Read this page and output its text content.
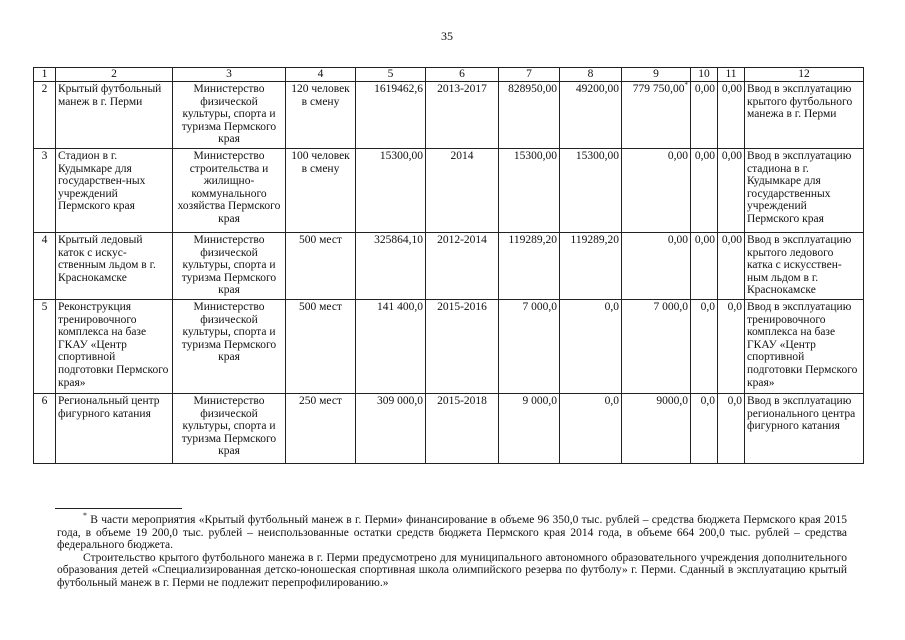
35
1	2	3	4	5	6	7	8	9	10	11	12
2	Крытый футбольный манеж в г. Перми	Министерство физической культуры, спорта и туризма Пермского края	120 человек в смену	1619462,6	2013-2017	828950,00	49200,00	779 750,00*	0,00	0,00	Ввод в эксплуатацию крытого футбольного манежа в г. Перми
3	Стадион в г. Кудымкаре для государствен-ных учреждений Пермского края	Министерство строительства и жилищно-коммунального хозяйства Пермского края	100 человек в смену	15300,00	2014	15300,00	15300,00	0,00	0,00	0,00	Ввод в эксплуатацию стадиона в г. Кудымкаре для государственных учреждений Пермского края
4	Крытый ледовый каток с искус-ственным льдом в г. Краснокамске	Министерство физической культуры, спорта и туризма Пермского края	500 мест	325864,10	2012-2014	119289,20	119289,20	0,00	0,00	0,00	Ввод в эксплуатацию крытого ледового катка с искусствен-ным льдом в г. Краснокамске
5	Реконструкция тренировочного комплекса на базе ГКАУ «Центр спортивной подготовки Пермского края»	Министерство физической культуры, спорта и туризма Пермского края	500 мест	141 400,0	2015-2016	7 000,0	0,0	7 000,0	0,0	0,0	Ввод в эксплуатацию тренировочного комплекса на базе ГКАУ «Центр спортивной подготовки Пермского края»
6	Региональный центр фигурного катания	Министерство физической культуры, спорта и туризма Пермского края	250 мест	309 000,0	2015-2018	9 000,0	0,0	9000,0	0,0	0,0	Ввод в эксплуатацию регионального центра фигурного катания

* В части мероприятия «Крытый футбольный манеж в г. Перми» финансирование в объеме 96 350,0 тыс. рублей – средства бюджета Пермского края 2015 года, в объеме 19 200,0 тыс. рублей – неиспользованные остатки средств бюджета Пермского края 2014 года, в объеме 664 200,0 тыс. рублей – средства федерального бюджета.

Строительство крытого футбольного манежа в г. Перми предусмотрено для муниципального автономного образовательного учреждения дополнительного образования детей «Специализированная детско-юношеская спортивная школа олимпийского резерва по футболу» г. Перми. Сданный в эксплуатацию крытый футбольный манеж в г. Перми не подлежит перепрофилированию.»
